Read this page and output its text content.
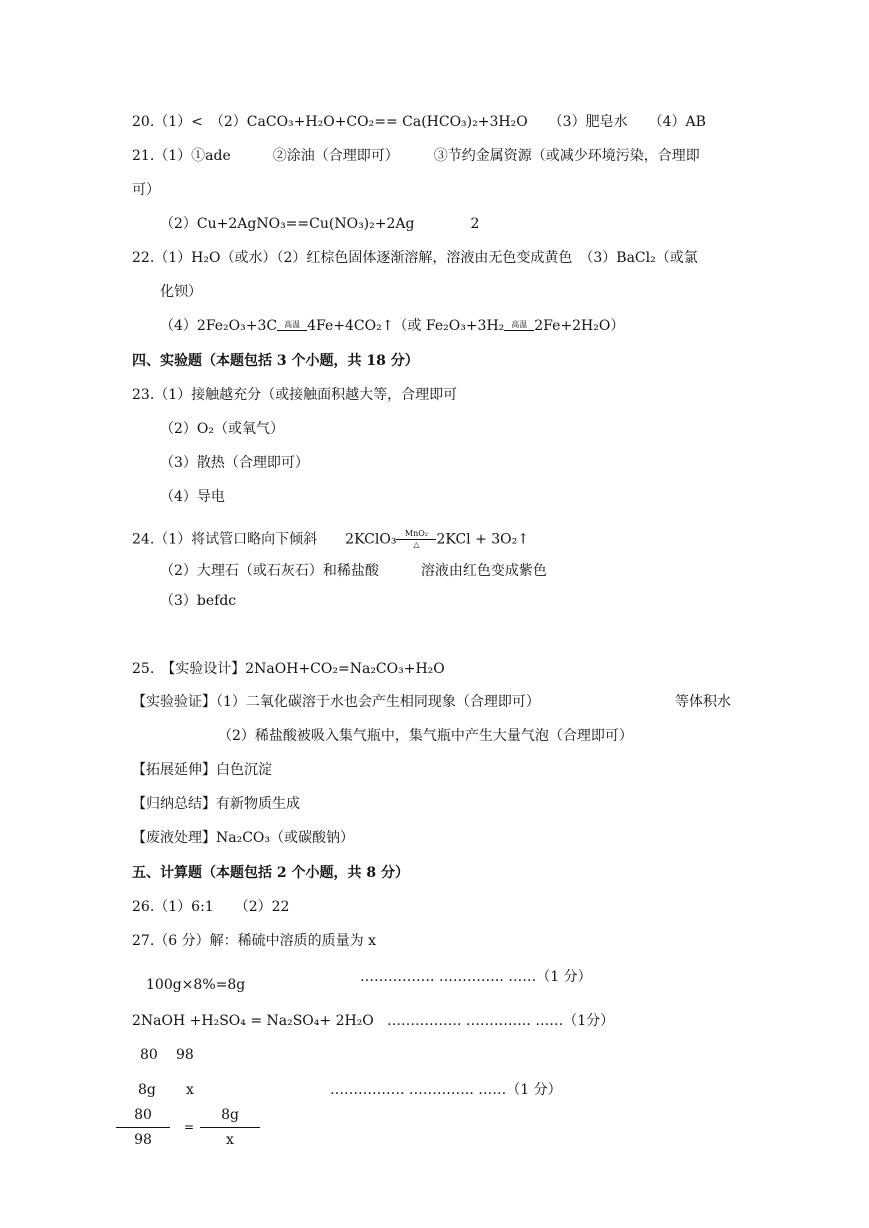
20.（1）<　（2）CaCO₃+H₂O+CO₂== Ca(HCO₃)₂+3H₂O　　（3）肥皂水　　（4）AB
21.（1）①ade　　　②涂油（合理即可）　　　③节约金属资源（或减少环境污染，合理即
可）
（2）Cu+2AgNO₃==Cu(NO₃)₂+2Ag　　　　2
22.（1）H₂O（或水）（2）红棕色固体逐渐溶解，溶液由无色变成黄色　（3）BaCl₂（或氯
化钡）
（4）2Fe₂O₃+3C 高温 4Fe+4CO₂↑（或 Fe₂O₃+3H₂ 高温 2Fe+2H₂O）
四、实验题（本题包括 3 个小题，共 18 分）
23.（1）接触越充分（或接触面积越大等，合理即可
（2）O₂（或氧气）
（3）散热（合理即可）
（4）导电
24.（1）将试管口略向下倾斜　　2KClO₃	MnO₂
△	2KCl + 3O₂↑
（2）大理石（或石灰石）和稀盐酸　　　溶液由红色变成紫色
（3）befdc
25.　【实验设计】2NaOH+CO₂=Na₂CO₃+H₂O
【实验验证】（1）二氧化碳溶于水也会产生相同现象（合理即可）	等体积水
（2）稀盐酸被吸入集气瓶中，集气瓶中产生大量气泡（合理即可）
【拓展延伸】白色沉淀
【归纳总结】有新物质生成
【废液处理】Na₂CO₃（或碳酸钠）
五、计算题（本题包括 2 个小题，共 8 分）
26.（1）6:1　　（2）22
27.（6 分）解：稀硫中溶质的质量为 x
100g×8%=8g	……………. ………….. ……（1 分）
2NaOH +H₂SO₄ = Na₂SO₄+ 2H₂O ……………. ………….. ……（1分）
80 98
8g x	……………. ………….. ……（1 分）
80
98
=
8g
x
